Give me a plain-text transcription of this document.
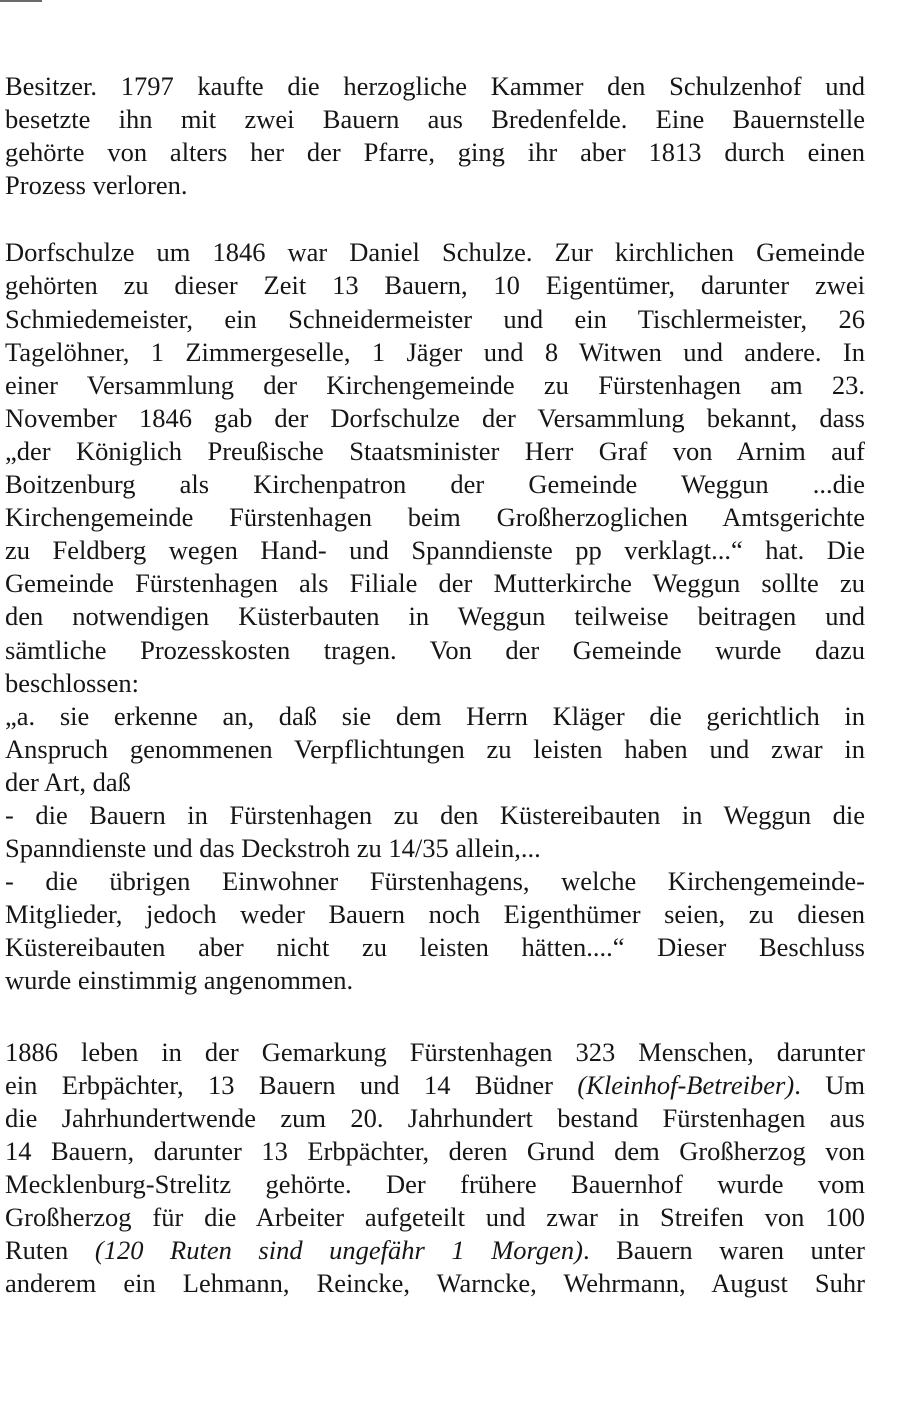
Besitzer. 1797 kaufte die herzogliche Kammer den Schulzenhof und
besetzte ihn mit zwei Bauern aus Bredenfelde. Eine Bauernstelle
gehörte von alters her der Pfarre, ging ihr aber 1813 durch einen
Prozess verloren.
Dorfschulze um 1846 war Daniel Schulze. Zur kirchlichen Gemeinde
gehörten zu dieser Zeit 13 Bauern, 10 Eigentümer, darunter zwei
Schmiedemeister, ein Schneidermeister und ein Tischlermeister, 26
Tagelöhner, 1 Zimmergeselle, 1 Jäger und 8 Witwen und andere. In
einer Versammlung der Kirchengemeinde zu Fürstenhagen am 23.
November 1846 gab der Dorfschulze der Versammlung bekannt, dass
„der Königlich Preußische Staatsminister Herr Graf von Arnim auf
Boitzenburg als Kirchenpatron der Gemeinde Weggun ...die
Kirchengemeinde Fürstenhagen beim Großherzoglichen Amtsgerichte
zu Feldberg wegen Hand- und Spanndienste pp verklagt...“ hat. Die
Gemeinde Fürstenhagen als Filiale der Mutterkirche Weggun sollte zu
den notwendigen Küsterbauten in Weggun teilweise beitragen und
sämtliche Prozesskosten tragen. Von der Gemeinde wurde dazu
beschlossen:
„a. sie erkenne an, daß sie dem Herrn Kläger die gerichtlich in
Anspruch genommenen Verpflichtungen zu leisten haben und zwar in
der Art, daß
- die Bauern in Fürstenhagen zu den Küstereibauten in Weggun die
Spanndienste und das Deckstroh zu 14/35 allein,...
- die übrigen Einwohner Fürstenhagens, welche Kirchengemeinde-
Mitglieder, jedoch weder Bauern noch Eigenthümer seien, zu diesen
Küstereibauten aber nicht zu leisten hätten....“ Dieser Beschluss
wurde einstimmig angenommen.
1886 leben in der Gemarkung Fürstenhagen 323 Menschen, darunter
ein Erbpächter, 13 Bauern und 14 Büdner (Kleinhof-Betreiber). Um
die Jahrhundertwende zum 20. Jahrhundert bestand Fürstenhagen aus
14 Bauern, darunter 13 Erbpächter, deren Grund dem Großherzog von
Mecklenburg-Strelitz gehörte. Der frühere Bauernhof wurde vom
Großherzog für die Arbeiter aufgeteilt und zwar in Streifen von 100
Ruten (120 Ruten sind ungefähr 1 Morgen). Bauern waren unter
anderem ein Lehmann, Reincke, Warncke, Wehrmann, August Suhr
